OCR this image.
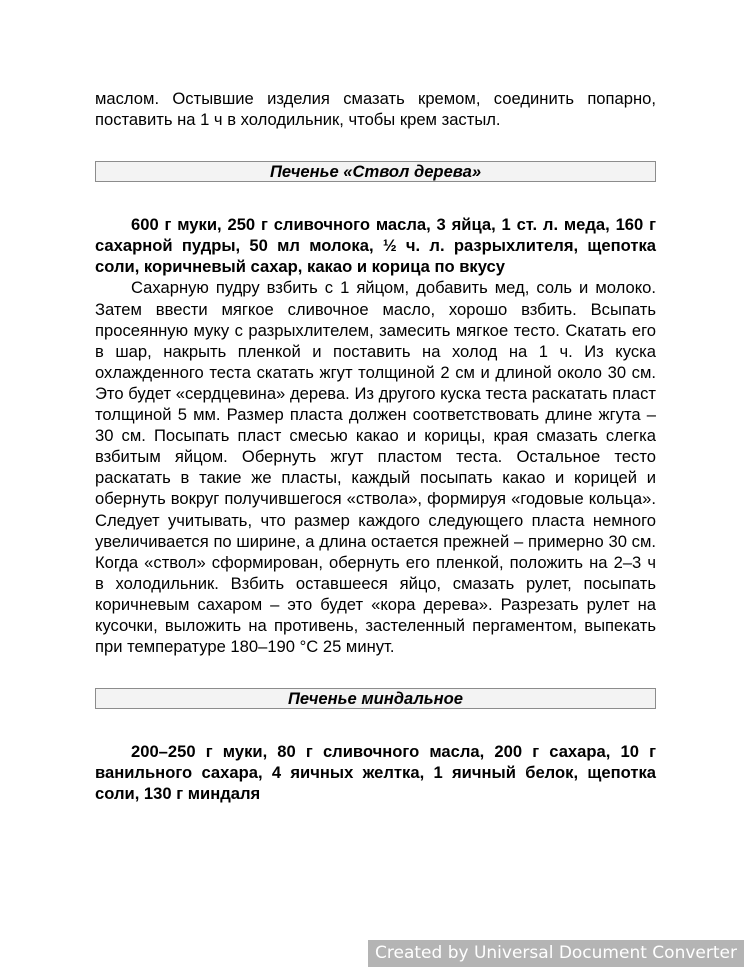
маслом. Остывшие изделия смазать кремом, соединить попарно, поставить на 1 ч в холодильник, чтобы крем застыл.

Печенье «Ствол дерева»

600 г муки, 250 г сливочного масла, 3 яйца, 1 ст. л. меда, 160 г сахарной пудры, 50 мл молока, ½ ч. л. разрыхлителя, щепотка соли, коричневый сахар, какао и корица по вкусу

Сахарную пудру взбить с 1 яйцом, добавить мед, соль и молоко. Затем ввести мягкое сливочное масло, хорошо взбить. Всыпать просеянную муку с разрыхлителем, замесить мягкое тесто. Скатать его в шар, накрыть пленкой и поставить на холод на 1 ч. Из куска охлажденного теста скатать жгут толщиной 2 см и длиной около 30 см. Это будет «сердцевина» дерева. Из другого куска теста раскатать пласт толщиной 5 мм. Размер пласта должен соответствовать длине жгута – 30 см. Посыпать пласт смесью какао и корицы, края смазать слегка взбитым яйцом. Обернуть жгут пластом теста. Остальное тесто раскатать в такие же пласты, каждый посыпать какао и корицей и обернуть вокруг получившегося «ствола», формируя «годовые кольца». Следует учитывать, что размер каждого следующего пласта немного увеличивается по ширине, а длина остается прежней – примерно 30 см. Когда «ствол» сформирован, обернуть его пленкой, положить на 2–3 ч в холодильник. Взбить оставшееся яйцо, смазать рулет, посыпать коричневым сахаром – это будет «кора дерева». Разрезать рулет на кусочки, выложить на противень, застеленный пергаментом, выпекать при температуре 180–190 °С 25 минут.

Печенье миндальное

200–250 г муки, 80 г сливочного масла, 200 г сахара, 10 г ванильного сахара, 4 яичных желтка, 1 яичный белок, щепотка соли, 130 г миндаля

Created by Universal Document Converter
